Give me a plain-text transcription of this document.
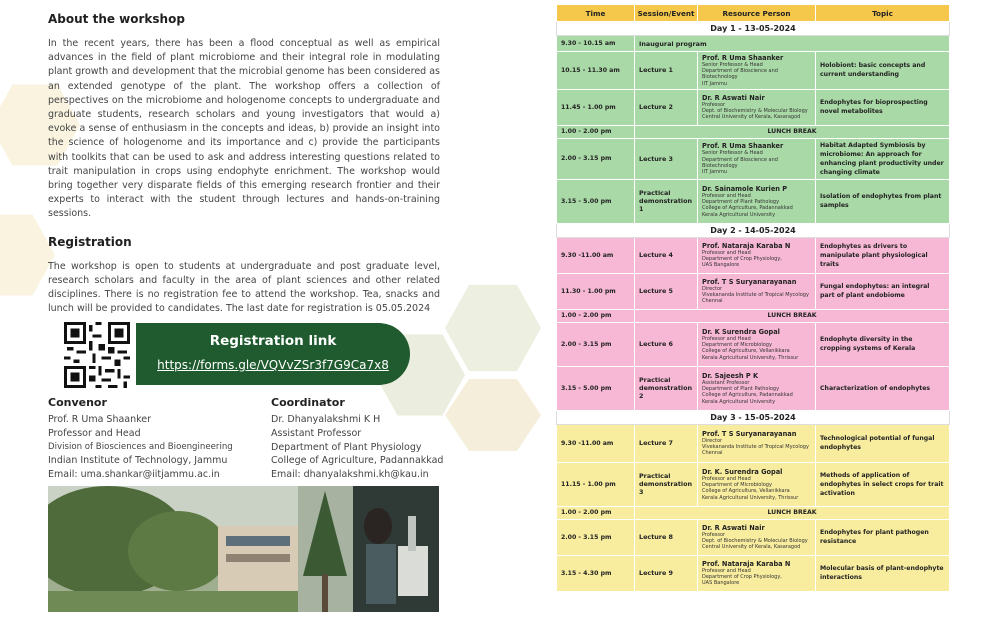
About the workshop

In the recent years, there has been a flood conceptual as well as empirical advances in the field of plant microbiome and their integral role in modulating plant growth and development that the microbial genome has been considered as an extended genotype of the plant. The workshop offers a collection of perspectives on the microbiome and hologenome concepts to undergraduate and graduate students, research scholars and young investigators that would a) evoke a sense of enthusiasm in the concepts and ideas, b) provide an insight into the science of hologenome and its importance and c) provide the participants with toolkits that can be used to ask and address interesting questions related to trait manipulation in crops using endophyte enrichment. The workshop would bring together very disparate fields of this emerging research frontier and their experts to interact with the student through lectures and hands-on-training sessions.

Registration

The workshop is open to students at undergraduate and post graduate level, research scholars and faculty in the area of plant sciences and other related disciplines. There is no registration fee to attend the workshop. Tea, snacks and lunch will be provided to candidates. The last date for registration is 05.05.2024

Registration link
https://forms.gle/VQVvZSr3f7G9Ca7x8
Convenor
Prof. R Uma Shaanker
Professor and Head
Division of Biosciences and Bioengineering
Indian Institute of Technology, Jammu
Email: uma.shankar@iitjammu.ac.in
Coordinator
Dr. Dhanyalakshmi K H
Assistant Professor
Department of Plant Physiology
College of Agriculture, Padannakkad
Email: dhanyalakshmi.kh@kau.in
Time	Session/Event	Resource Person	Topic
Day 1 - 13-05-2024			
9.30 - 10.15 am	Inaugural program		
10.15 - 11.30 am	Lecture 1	Prof. R Uma Shaanker
Senior Professor & Head
Department of Bioscience and Biotechnology
IIT Jammu	Holobiont: basic concepts and current understanding
11.45 - 1.00 pm	Lecture 2	Dr. R Aswati Nair
Professor
Dept. of Biochemistry & Molecular Biology
Central University of Kerala, Kasaragod	Endophytes for bioprospecting novel metabolites
1.00 - 2.00 pm	LUNCH BREAK		
2.00 - 3.15 pm	Lecture 3	Prof. R Uma Shaanker
Senior Professor & Head
Department of Bioscience and Biotechnology
IIT Jammu	Habitat Adapted Symbiosis by microbiome: An approach for enhancing plant productivity under changing climate
3.15 - 5.00 pm	Practical demonstration 1	Dr. Sainamole Kurien P
Professor and Head
Department of Plant Pathology
College of Agriculture, Padannakkad
Kerala Agricultural University	Isolation of endophytes from plant samples
Day 2 - 14-05-2024			
9.30 -11.00 am	Lecture 4	Prof. Nataraja Karaba N
Professor and Head
Department of Crop Physiology,
UAS Bangalore	Endophytes as drivers to manipulate plant physiological traits
11.30 - 1.00 pm	Lecture 5	Prof. T S Suryanarayanan
Director
Vivekananda Institute of Tropical Mycology
Chennai	Fungal endophytes: an integral part of plant endobiome
1.00 - 2.00 pm	LUNCH BREAK		
2.00 - 3.15 pm	Lecture 6	Dr. K Surendra Gopal
Professor and Head
Department of Microbiology
College of Agriculture, Vellanikkara
Kerala Agricultural University, Thrissur	Endophyte diversity in the cropping systems of Kerala
3.15 - 5.00 pm	Practical demonstration 2	Dr. Sajeesh P K
Assistant Professor
Department of Plant Pathology
College of Agriculture, Padannakkad
Kerala Agricultural University	Characterization of endophytes
Day 3 - 15-05-2024			
9.30 -11.00 am	Lecture 7	Prof. T S Suryanarayanan
Director
Vivekananda Institute of Tropical Mycology
Chennai	Technological potential of fungal endophytes
11.15 - 1.00 pm	Practical demonstration 3	Dr. K. Surendra Gopal
Professor and Head
Department of Microbiology
College of Agriculture, Vellanikkara
Kerala Agricultural University, Thrissur	Methods of application of endophytes in select crops for trait activation
1.00 - 2.00 pm	LUNCH BREAK		
2.00 - 3.15 pm	Lecture 8	Dr. R Aswati Nair
Professor
Dept. of Biochemistry & Molecular Biology
Central University of Kerala, Kasaragod	Endophytes for plant pathogen resistance
3.15 - 4.30 pm	Lecture 9	Prof. Nataraja Karaba N
Professor and Head
Department of Crop Physiology,
UAS Bangalore	Molecular basis of plant-endophyte interactions
